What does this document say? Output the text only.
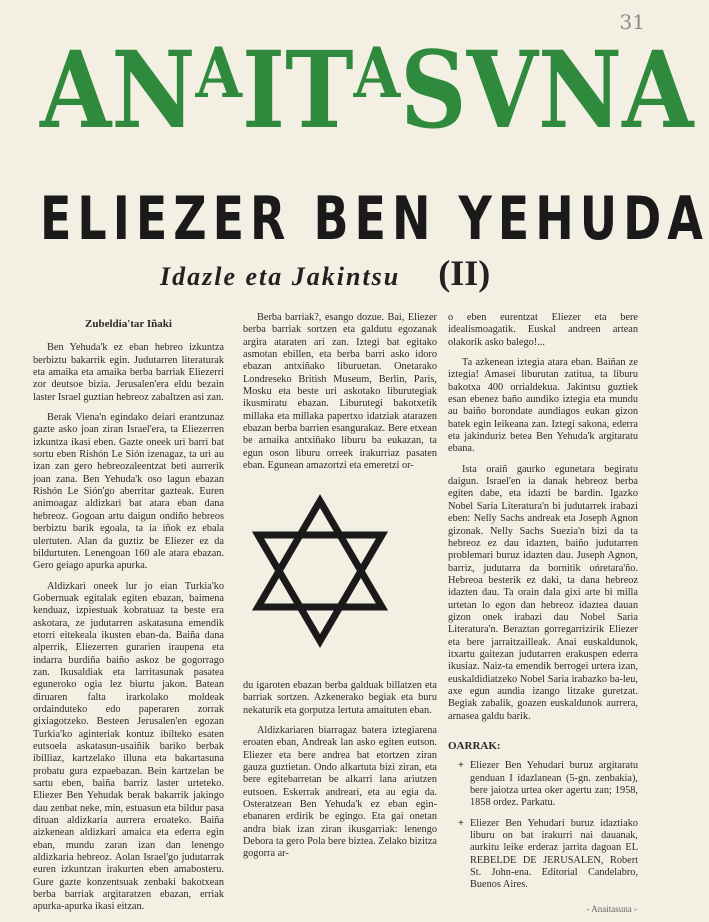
31
A N A I T A S V N A
ELIEZER BEN YEHUDA
Idazle eta Jakintsu (II)

Zubeldia'tar Iñaki

Ben Yehuda'k ez eban hebreo izkuntza berbiztu bakarrik egin. Judutarren literaturak eta amaika eta amaika berba barriak Eliezerri zor deutsoe bizia. Jerusalen'era eldu bezain laster Israel guztian hebreoz zabaltzen asi zan.

Berak Viena'n egindako deiari erantzunaz gazte asko joan ziran Israel'era, ta Eliezerren izkuntza ikasi eben. Gazte oneek uri barri bat sortu eben Rishón Le Sión izenagaz, ta uri au izan zan gero hebreozaleentzat beti aurrerik joan zana. Ben Yehuda'k oso lagun ebazan Rishón Le Sión'go aberritar gazteak. Euren animoagaz aldizkari bat atara eban dana hebreoz. Gogoan artu daigun ondiño hebreos berbiztu barik egoala, ta ia iñok ez ebala ulertuten. Alan da guztiz be Eliezer ez da bildurtuten. Lenengoan 160 ale atara ebazan. Gero geiago apurka apurka.

Aldizkari oneek lur jo eian Turkia'ko Gobernuak egitalak egiten ebazan, baimena kenduaz, izpiestuak kobratuaz ta beste era askotara, ze judutarren askatasuna emendik etorri eitekeala ikusten eban-da. Baiña dana alperrik, Eliezerren gurarien iraupena eta indarra burdiña baiño askoz be gogorrago zan. Ikusaldiak eta larritasunak pasatea eguneroko ogia lez biurtu jakon. Batean diruaren falta irarkolako moldeak ordainduteko edo paperaren zorrak gixiagotzeko. Besteen Jerusalen'en egozan Turkia'ko aginteriak kontuz ibilteko esaten eutsoela askatasun-usaiñik bariko berbak ibilliaz, kartzelako illuna eta bakartasuna probatu gura ezpaebazan. Bein kartzelan be sartu eben, baiña barriz laster urteteko. Eliezer Ben Yehudak berak bakarrik jakingo dau zenbat neke, min, estuasun eta bildur pasa dituan aldizkaria aurrera eroateko. Baiña aizkenean aldizkari amaica eta ederra egin eban, mundu zaran izan dan lenengo aldizkaria hebreoz. Aolan Israel'go judutarrak euren izkuntzan irakurten eben amabosteru. Gure gazte konzentsuak zenbaki bakotxean berba barriak argitaratzen ebazan, erriak apurka-apurka ikasi eitzan.

Berba barriak?, esango dozue. Bai, Eliezer berba barriak sortzen eta galdutu egozanak argira ataraten ari zan. Iztegi bat egitako asmotan ebillen, eta berba barri asko idoro ebazan antxiñako liburuetan. Onetarako Londreseko British Museum, Berlin, Paris, Mosku eta beste uri askotako liburutegiak ikusmiratu ebazan. Liburutegi bakotxetik millaka eta millaka papertxo idatziak atarazen ebazan berba barrien esangurakaz. Bere etxean be arnaika antxiñako liburu ba eukazan, ta egun oson liburu orreek irakurriaz pasaten eban. Egunean amazortzi eta emeretzi or-

du igaroten ebazan berba galduak billatzen eta barriak sortzen. Azkenerako begiak eta buru nekaturik eta gorputza lertuta amaituten eban.

Aldizkariaren biarragaz batera iztegiarena eroaten eban, Andreak lan asko egiten eutson. Eliezer eta bere andrea bat etortzen ziran gauza guztietan. Ondo alkartuta bizi ziran, eta bere egitebarretan be alkarri lana ariutzen eutsoen. Eskerrak andreari, eta au egia da. Osteratzean Ben Yehuda'k ez eban egin-ebanaren erdirik be egingo. Eta gai onetan andra biak izan ziran ikusgarriak: lenengo Debora ta gero Pola bere biztea. Zelako bizitza gogorra ar-

o eben eurentzat Eliezer eta bere idealismoagatik. Euskal andreen artean olakorik asko balego!...

Ta azkenean iztegia atara eban. Baiñan ze iztegia! Amasei liburutan zatitua, ta liburu bakotxa 400 orrialdekua. Jakintsu guztiek esan ebenez baño aundiko iztegia eta mundu au baiño borondate aundiagos eukan gizon batek egin leikeana zan. Iztegi sakona, ederra eta jakinduriz betea Ben Yehuda'k argitaratu ebana.

Ista oraiñ gaurko egunetara begiratu daigun. Israel'en ia danak hebreoz berba egiten dabe, eta idazti be bardin. Igazko Nobel Saria Literatura'n bi judutarrek irabazi eben: Nelly Sachs andreak eta Joseph Agnon gizonak. Nelly Sachs Suezia'n bizi da ta hebreoz ez dau idazten, baiño judutarren problemari buruz idazten dau. Juseph Agnon, barriz, judutarra da bornitik ońretara'ño. Hebreoa besterik ez daki, ta dana hebreoz idazten dau. Ta orain dala gixi arte bi milla urtetan lo egon dan hebreoz idaztea dauan gizon onek irabazi dau Nobel Saria Literatura'n. Beraztan gorregarrizirik Eliezer eta bere jarraitzailleak. Anai euskaldunok, itxartu gaitezan judutarren erakuspen ederra ikusiaz. Naiz-ta emendik berrogei urtera izan, euskaldidiatzeko Nobel Saria irabazko ba-leu, axe egun aundia izango litzake guretzat. Begiak zabalik, goazen euskaldunok aurrera, arnasea galdu barik.

OARRAK:

+ Eliezer Ben Yehudari buruz argitaratu genduan I idazlanean (5-gn. zenbakia), bere jaiotza urtea oker agertu zan; 1958, 1858 ordez. Parkatu.

+ Eliezer Ben Yehudari buruz idaztiako liburu on bat irakurri nai dauanak, aurkitu leike erderaz jarrita dagoan EL REBELDE DE JERUSALEN, Robert St. John-ena. Editorial Candelabro, Buenos Aires.

- Anaitasuna -
